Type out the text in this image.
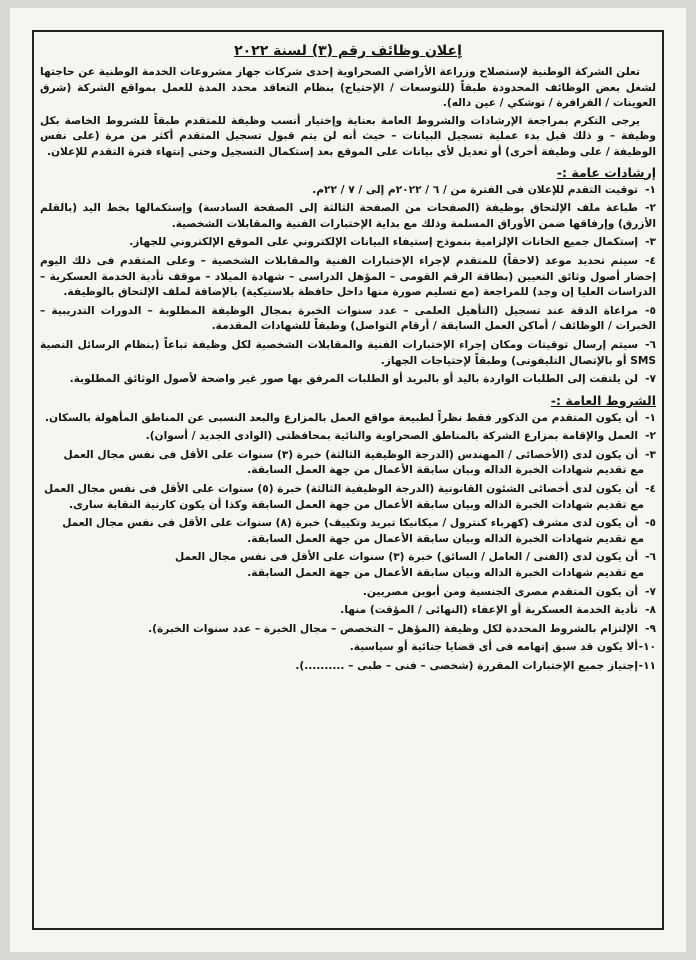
إعلان وظائف رقم (٣) لسنة ٢٠٢٢
تعلن الشركة الوطنية لإستصلاح وزراعة الأراضي الصحراوية إحدى شركات جهاز مشروعات الخدمة الوطنية عن حاجتها لشغل بعض الوظائف المحدودة طبقاً (للتوسعات / الإحتياج) بنظام التعاقد محدد المدة للعمل بمواقع الشركة (شرق العوينات / الفرافرة / توشكي / عين داله).
يرجى التكرم بمراجعة الإرشادات والشروط العامة بعناية وإختيار أنسب وظيفة للمتقدم طبقاً للشروط الخاصة بكل وظيفة – و ذلك قبل بدء عملية تسجيل البيانات – حيث أنه لن يتم قبول تسجيل المتقدم أكثر من مرة (على نفس الوظيفة / على وظيفة أخرى) أو تعديل لأى بيانات على الموقع بعد إستكمال التسجيل وحتى إنتهاء فترة التقدم للإعلان.
إرشادات عامة :-
١-توقيت التقدم للإعلان فى الفترة من / ٦ / ٢٠٢٢م إلى / ٧ / ٢٢م.
٢-طباعة ملف الإلتحاق بوظيفة (الصفحات من الصفحة الثالثة إلى الصفحة السادسة) وإستكمالها بخط اليد (بالقلم الأزرق) وإرفاقها ضمن الأوراق المسلمة وذلك مع بداية الإختبارات الفنية والمقابلات الشخصية.
٣-إستكمال جميع الخانات الإلزامية بنموذج إستيفاء البيانات الإلكتروني على الموقع الإلكتروني للجهاز.
٤-سيتم تحديد موعد (لاحقاً) للمتقدم لإجراء الإختبارات الفنية والمقابلات الشخصية – وعلى المتقدم فى ذلك اليوم إحضار أصول وثائق التعيين (بطاقة الرقم القومى – المؤهل الدراسى – شهادة الميلاد – موقف تأدية الخدمة العسكرية – الدراسات العليا إن وجد) للمراجعة (مع تسليم صورة منها داخل حافظة بلاستيكية) بالإضافة لملف الإلتحاق بالوظيفة.
٥-مراعاة الدقة عند تسجيل (التأهيل العلمى – عدد سنوات الخبرة بمجال الوظيفة المطلوبة – الدورات التدريبية – الخبرات / الوظائف / أماكن العمل السابقة / أرقام التواصل) وطبقاً للشهادات المقدمة.
٦-سيتم إرسال توقيتات ومكان إجراء الإختبارات الفنية والمقابلات الشخصية لكل وظيفة تباعاً (بنظام الرسائل النصية SMS أو بالإتصال التليفونى) وطبقاً لإحتياجات الجهاز.
٧-لن يلتفت إلى الطلبات الواردة باليد أو بالبريد أو الطلبات المرفق بها صور غير واضحة لأصول الوثائق المطلوبة.
الشروط العامة :-
١-أن يكون المتقدم من الذكور فقط نظراً لطبيعة مواقع العمل بالمزارع والبعد النسبى عن المناطق المأهولة بالسكان.
٢-العمل والإقامة بمزارع الشركة بالمناطق الصحراوية والنائية بمحافظتى (الوادى الجديد / أسوان).
٣-أن يكون لدى (الأخصائى / المهندس (الدرجة الوظيفية الثالثة) خبرة (٣) سنوات على الأقل فى نفس مجال العمل
مع تقديم شهادات الخبرة الداله وبيان سابقة الأعمال من جهة العمل السابقة.
٤-أن يكون لدى أخصائى الشئون القانونية (الدرجة الوظيفية الثالثة) خبرة (٥) سنوات على الأقل فى نفس مجال العمل
مع تقديم شهادات الخبرة الداله وبيان سابقة الأعمال من جهة العمل السابقة وكذا أن يكون كارنية النقابة سارى.
٥-أن يكون لدى مشرف (كهرباء كنترول / ميكانيكا تبريد وتكييف) خبرة (٨) سنوات على الأقل فى نفس مجال العمل
مع تقديم شهادات الخبرة الداله وبيان سابقة الأعمال من جهة العمل السابقة.
٦-أن يكون لدى (الفنى / العامل / السائق) خبرة (٣) سنوات على الأقل فى نفس مجال العمل
مع تقديم شهادات الخبرة الداله وبيان سابقة الأعمال من جهة العمل السابقة.
٧-أن يكون المتقدم مصرى الجنسية ومن أبوين مصريين.
٨-تأدية الخدمة العسكرية أو الإعفاء (النهائى / المؤقت) منها.
٩-الإلتزام بالشروط المحددة لكل وظيفة (المؤهل – التخصص – مجال الخبرة – عدد سنوات الخبرة).
١٠-ألا يكون قد سبق إتهامه فى أى قضايا جنائية أو سياسية.
١١-إجتياز جميع الإختبارات المقررة (شخصى – فنى – طبى – ..........).
